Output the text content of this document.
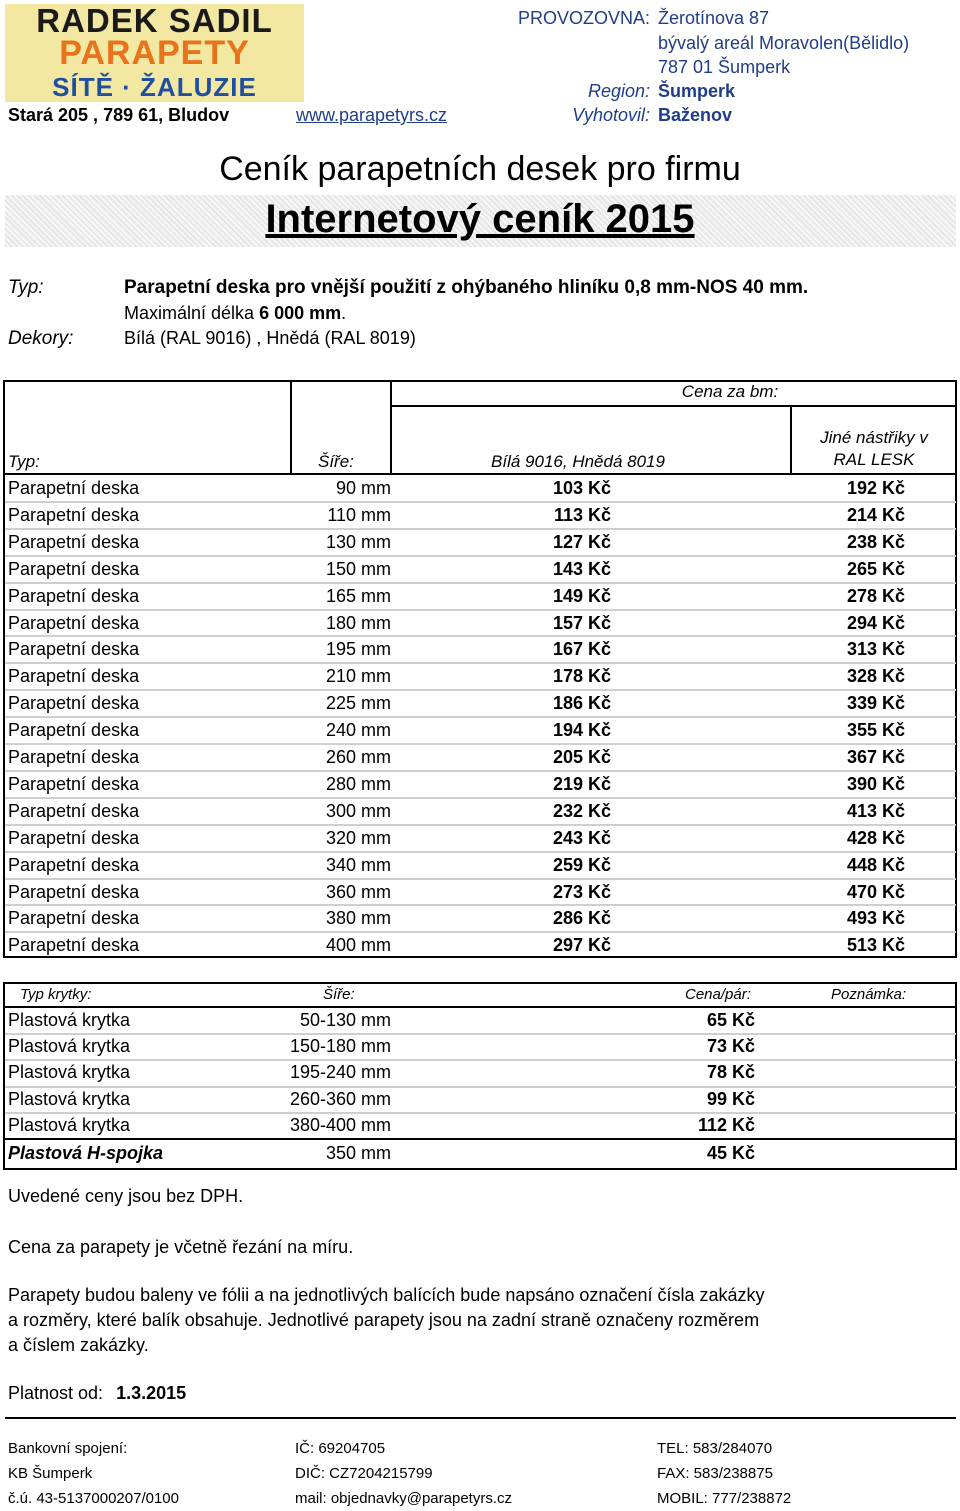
RADEK SADIL
PARAPETY
SÍTĚ · ŽALUZIE
Stará 205 , 789 61, Bludov	www.parapetyrs.cz
PROVOZOVNA: Žerotínova 87
bývalý areál Moravolen(Bělidlo)
787 01 Šumperk
Region: Šumperk
Vyhotovil: Baženov
Ceník parapetních desek pro firmu
Internetový ceník 2015
Typ:	Parapetní deska pro vnější použití z ohýbaného hliníku 0,8 mm-NOS 40 mm.
Maximální délka 6 000 mm.
Dekory:	Bílá (RAL 9016) , Hnědá (RAL 8019)
Cena za bm:
Typ:	Šíře:	Bílá 9016, Hnědá 8019
Jiné nástřiky v
RAL LESK
Parapetní deska	90 mm	103 Kč	192 Kč
Parapetní deska	110 mm	113 Kč	214 Kč
Parapetní deska	130 mm	127 Kč	238 Kč
Parapetní deska	150 mm	143 Kč	265 Kč
Parapetní deska	165 mm	149 Kč	278 Kč
Parapetní deska	180 mm	157 Kč	294 Kč
Parapetní deska	195 mm	167 Kč	313 Kč
Parapetní deska	210 mm	178 Kč	328 Kč
Parapetní deska	225 mm	186 Kč	339 Kč
Parapetní deska	240 mm	194 Kč	355 Kč
Parapetní deska	260 mm	205 Kč	367 Kč
Parapetní deska	280 mm	219 Kč	390 Kč
Parapetní deska	300 mm	232 Kč	413 Kč
Parapetní deska	320 mm	243 Kč	428 Kč
Parapetní deska	340 mm	259 Kč	448 Kč
Parapetní deska	360 mm	273 Kč	470 Kč
Parapetní deska	380 mm	286 Kč	493 Kč
Parapetní deska	400 mm	297 Kč	513 Kč
Typ krytky:	Šíře:	Cena/pár:	Poznámka:
Plastová krytka	50-130 mm	65 Kč
Plastová krytka	150-180 mm	73 Kč
Plastová krytka	195-240 mm	78 Kč
Plastová krytka	260-360 mm	99 Kč
Plastová krytka	380-400 mm	112 Kč
Plastová H-spojka	350 mm	45 Kč
Uvedené ceny jsou bez DPH.
Cena za parapety je včetně řezání na míru.
Parapety budou baleny ve fólii a na jednotlivých balících bude napsáno označení čísla zakázky
a rozměry, které balík obsahuje. Jednotlivé parapety jsou na zadní straně označeny rozměrem
a číslem zakázky.
Platnost od: 1.3.2015
Bankovní spojení:
KB Šumperk
č.ú. 43-5137000207/0100
IČ: 69204705
DIČ: CZ7204215799
mail: objednavky@parapetyrs.cz
TEL: 583/284070
FAX: 583/238875
MOBIL: 777/238872
